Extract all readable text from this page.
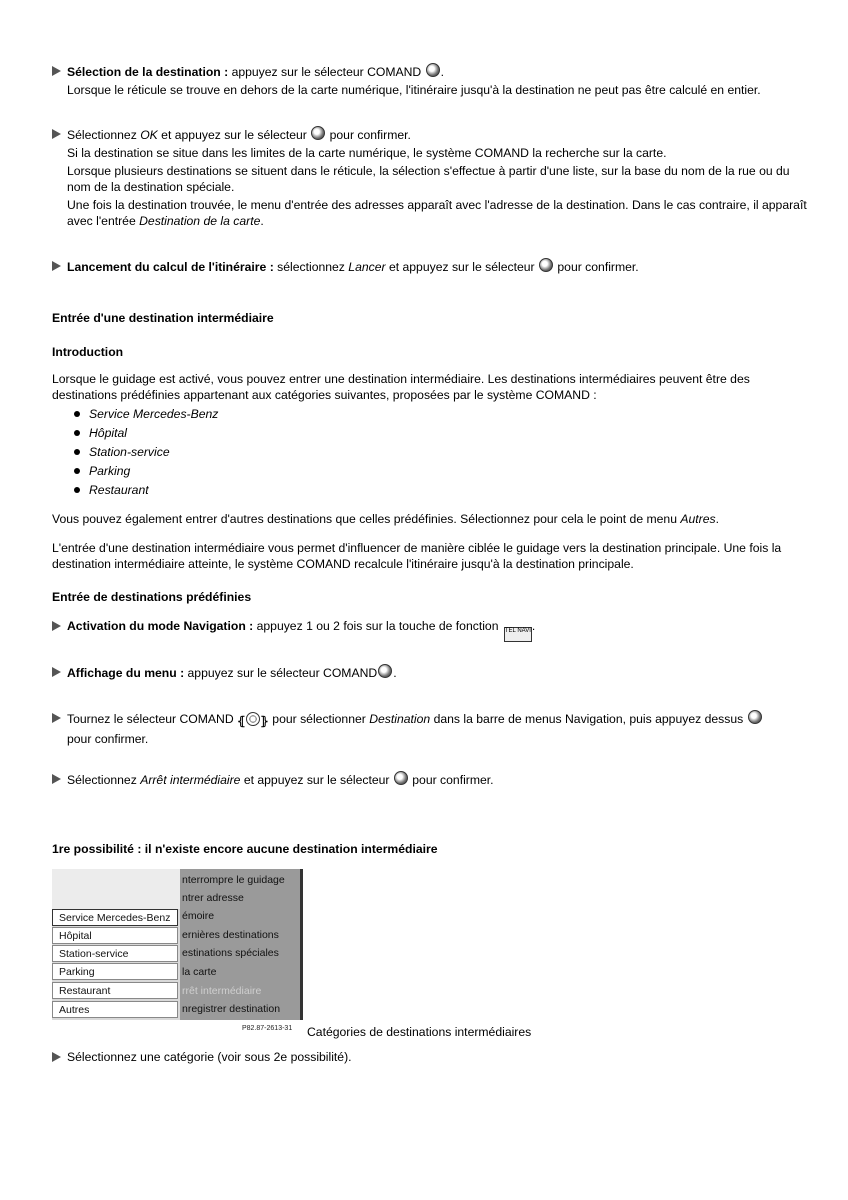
Sélection de la destination : appuyez sur le sélecteur COMAND .

Lorsque le réticule se trouve en dehors de la carte numérique, l'itinéraire jusqu'à la destination ne peut pas être calculé en entier.

Sélectionnez OK et appuyez sur le sélecteur  pour confirmer.

Si la destination se situe dans les limites de la carte numérique, le système COMAND la recherche sur la carte.

Lorsque plusieurs destinations se situent dans le réticule, la sélection s'effectue à partir d'une liste, sur la base du nom de la rue ou du nom de la destination spéciale.

Une fois la destination trouvée, le menu d'entrée des adresses apparaît avec l'adresse de la destination. Dans le cas contraire, il apparaît avec l'entrée Destination de la carte.

Lancement du calcul de l'itinéraire : sélectionnez Lancer et appuyez sur le sélecteur  pour confirmer.

Entrée d'une destination intermédiaire
Introduction
Lorsque le guidage est activé, vous pouvez entrer une destination intermédiaire. Les destinations intermédiaires peuvent être des destinations prédéfinies appartenant aux catégories suivantes, proposées par le système COMAND :
Service Mercedes-Benz
Hôpital
Station-service
Parking
Restaurant
Vous pouvez également entrer d'autres destinations que celles prédéfinies. Sélectionnez pour cela le point de menu Autres.
L'entrée d'une destination intermédiaire vous permet d'influencer de manière ciblée le guidage vers la destination principale. Une fois la destination intermédiaire atteinte, le système COMAND recalcule l'itinéraire jusqu'à la destination principale.
Entrée de destinations prédéfinies

Activation du mode Navigation : appuyez 1 ou 2 fois sur la touche de fonction TEL NAVI.

Affichage du menu : appuyez sur le sélecteur COMAND .

Tournez le sélecteur COMAND ⦃ ⦄ pour sélectionner Destination dans la barre de menus Navigation, puis appuyez dessus

pour confirmer.

Sélectionnez Arrêt intermédiaire et appuyez sur le sélecteur  pour confirmer.

1re possibilité : il n'existe encore aucune destination intermédiaire
Service Mercedes-Benz
Hôpital
Station-service
Parking
Restaurant
Autres
nterrompre le guidage
ntrer adresse
émoire
ernières destinations
estinations spéciales
la carte
rrêt intermédiaire
nregistrer destination
P82.87-2613-31 Catégories de destinations intermédiaires

Sélectionnez une catégorie (voir sous 2e possibilité).
